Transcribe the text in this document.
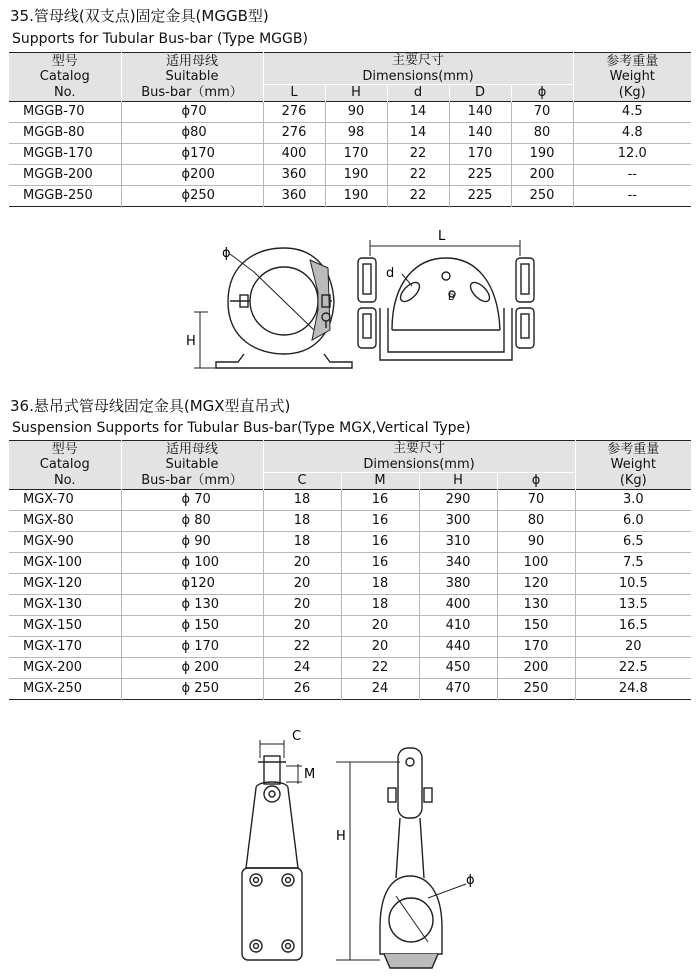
35.管母线(双支点)固定金具(MGGB型)
Supports for Tubular Bus-bar (Type MGGB)
型号
Catalog
No.	适用母线
Suitable
Bus-bar（mm）	主要尺寸
Dimensions(mm)					参考重量
Weight
(Kg)

		L	H	d	D	ϕ	
MGGB-70	ϕ70	276	90	14	140	70	4.5
MGGB-80	ϕ80	276	98	14	140	80	4.8
MGGB-170	ϕ170	400	170	22	170	190	12.0
MGGB-200	ϕ200	360	190	22	225	200	--
MGGB-250	ϕ250	360	190	22	225	250	--
ϕ
H
L
d
D
36.悬吊式管母线固定金具(MGX型直吊式)
Suspension Supports for Tubular Bus-bar(Type MGX,Vertical Type)
型号
Catalog
No.	适用母线
Suitable
Bus-bar（mm）	主要尺寸
Dimensions(mm)				参考重量
Weight
(Kg)

		C	M	H	ϕ	
MGX-70	ϕ 70	18	16	290	70	3.0
MGX-80	ϕ 80	18	16	300	80	6.0
MGX-90	ϕ 90	18	16	310	90	6.5
MGX-100	ϕ 100	20	16	340	100	7.5
MGX-120	ϕ120	20	18	380	120	10.5
MGX-130	ϕ 130	20	18	400	130	13.5
MGX-150	ϕ 150	20	20	410	150	16.5
MGX-170	ϕ 170	22	20	440	170	20
MGX-200	ϕ 200	24	22	450	200	22.5
MGX-250	ϕ 250	26	24	470	250	24.8
C
M
H
ϕ
